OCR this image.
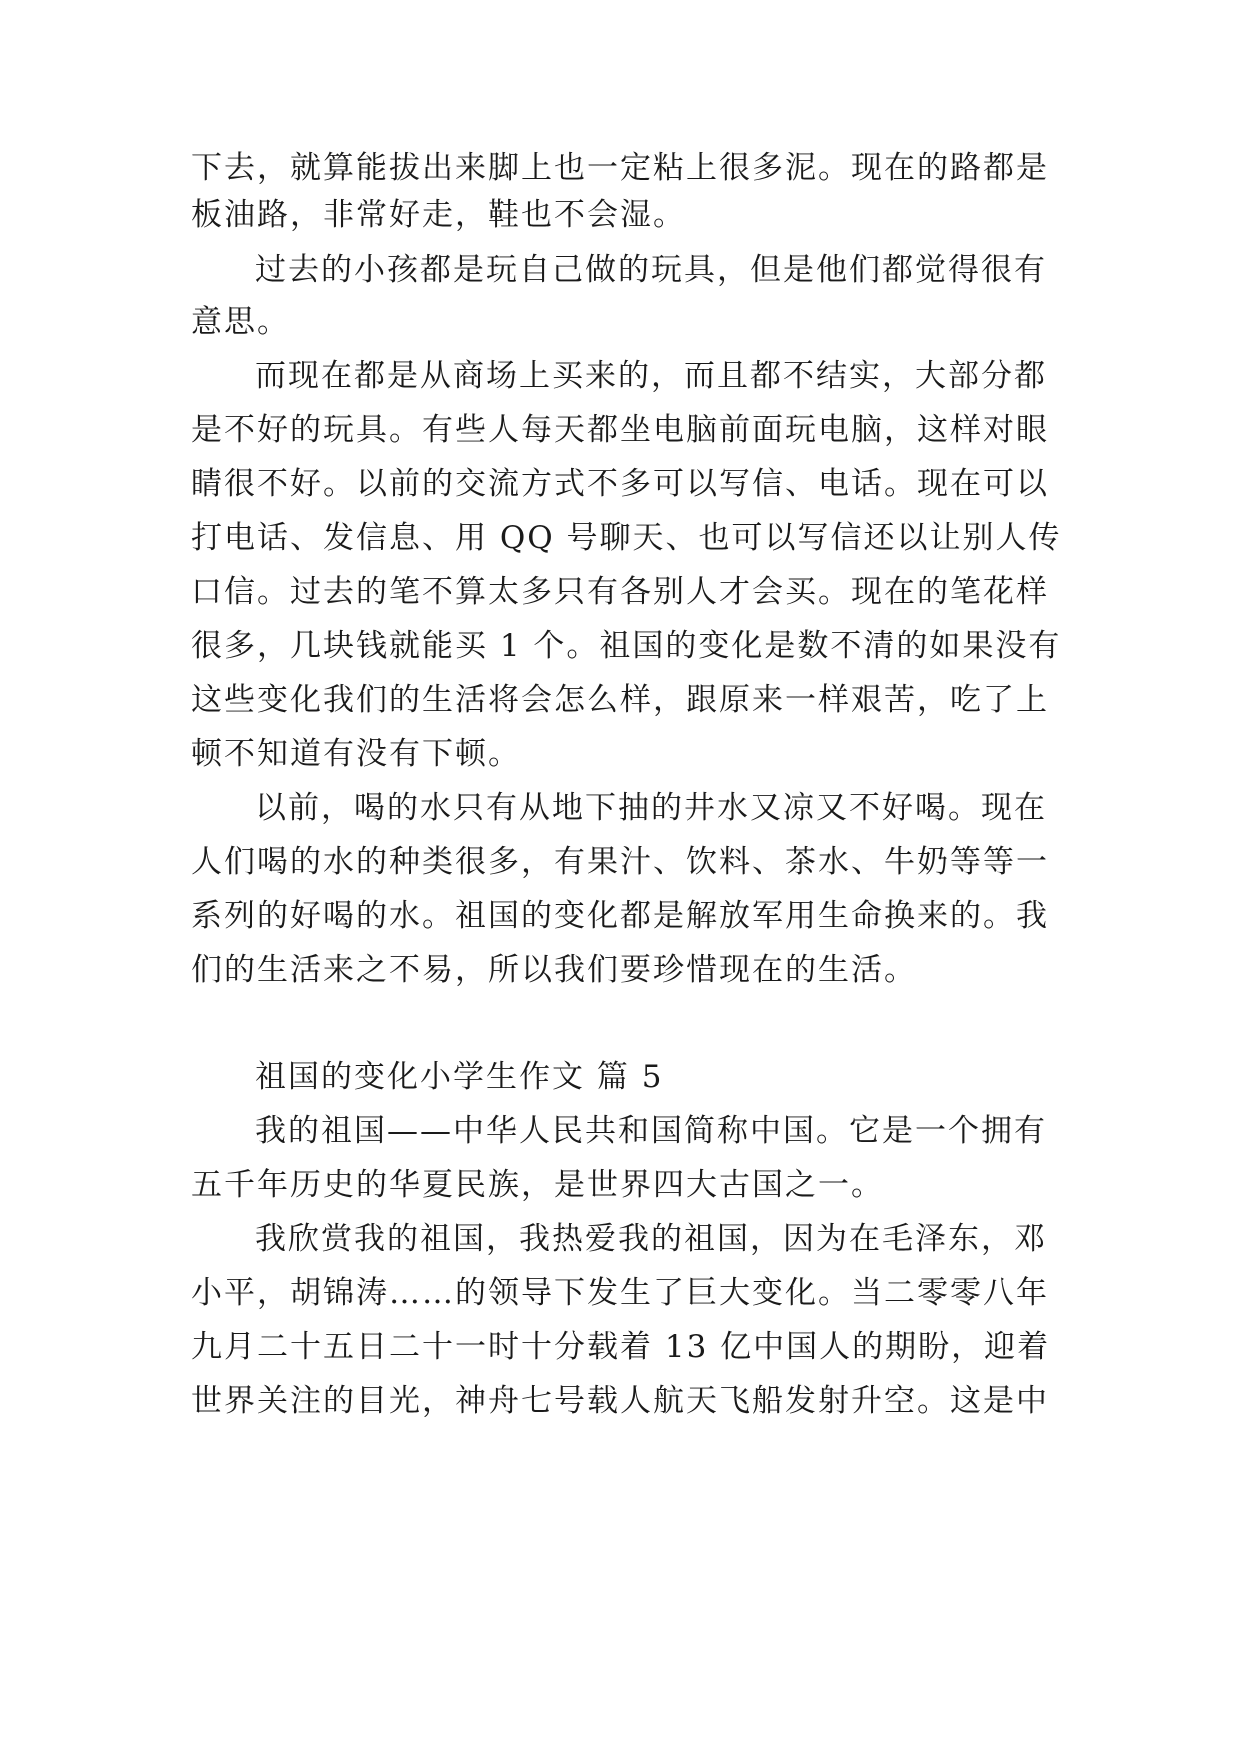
下去，就算能拔出来脚上也一定粘上很多泥。现在的路都是
板油路，非常好走，鞋也不会湿。
过去的小孩都是玩自己做的玩具，但是他们都觉得很有
意思。
而现在都是从商场上买来的，而且都不结实，大部分都
是不好的玩具。有些人每天都坐电脑前面玩电脑，这样对眼
睛很不好。以前的交流方式不多可以写信、电话。现在可以
打电话、发信息、用 QQ 号聊天、也可以写信还以让别人传
口信。过去的笔不算太多只有各别人才会买。现在的笔花样
很多，几块钱就能买 1 个。祖国的变化是数不清的如果没有
这些变化我们的生活将会怎么样，跟原来一样艰苦，吃了上
顿不知道有没有下顿。
以前，喝的水只有从地下抽的井水又凉又不好喝。现在
人们喝的水的种类很多，有果汁、饮料、茶水、牛奶等等一
系列的好喝的水。祖国的变化都是解放军用生命换来的。我
们的生活来之不易，所以我们要珍惜现在的生活。
祖国的变化小学生作文 篇 5
我的祖国——中华人民共和国简称中国。它是一个拥有
五千年历史的华夏民族，是世界四大古国之一。
我欣赏我的祖国，我热爱我的祖国，因为在毛泽东，邓
小平，胡锦涛……的领导下发生了巨大变化。当二零零八年
九月二十五日二十一时十分载着 13 亿中国人的期盼，迎着
世界关注的目光，神舟七号载人航天飞船发射升空。这是中
